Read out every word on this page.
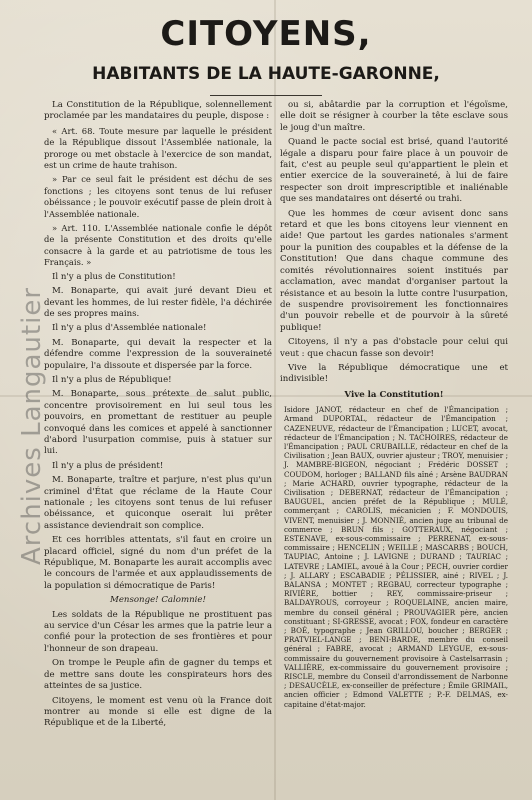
CITOYENS,
HABITANTS DE LA HAUTE-GARONNE,

La Constitution de la République, solennellement proclamée par les mandataires du peuple, dispose :

« Art. 68. Toute mesure par laquelle le président de la République dissout l'Assemblée nationale, la proroge ou met obstacle à l'exercice de son mandat, est un crime de haute trahison.

» Par ce seul fait le président est déchu de ses fonctions ; les citoyens sont tenus de lui refuser obéissance ; le pouvoir exécutif passe de plein droit à l'Assemblée nationale.

» Art. 110. L'Assemblée nationale confie le dépôt de la présente Constitution et des droits qu'elle consacre à la garde et au patriotisme de tous les Français. »

Il n'y a plus de Constitution!

M. Bonaparte, qui avait juré devant Dieu et devant les hommes, de lui rester fidèle, l'a déchirée de ses propres mains.

Il n'y a plus d'Assemblée nationale!

M. Bonaparte, qui devait la respecter et la défendre comme l'expression de la souveraineté populaire, l'a dissoute et dispersée par la force.

Il n'y a plus de République!

M. Bonaparte, sous prétexte de salut public, concentre provisoirement en lui seul tous les pouvoirs, en promettant de restituer au peuple convoqué dans les comices et appelé à sanctionner d'abord l'usurpation commise, puis à statuer sur lui.

Il n'y a plus de président!

M. Bonaparte, traître et parjure, n'est plus qu'un criminel d'État que réclame de la Haute Cour nationale ; les citoyens sont tenus de lui refuser obéissance, et quiconque oserait lui prêter assistance deviendrait son complice.

Et ces horribles attentats, s'il faut en croire un placard officiel, signé du nom d'un préfet de la République, M. Bonaparte les aurait accomplis avec le concours de l'armée et aux applaudissements de la population si démocratique de Paris!

Mensonge! Calomnie!

Les soldats de la République ne prostituent pas au service d'un César les armes que la patrie leur a confié pour la protection de ses frontières et pour l'honneur de son drapeau.

On trompe le Peuple afin de gagner du temps et de mettre sans doute les conspirateurs hors des atteintes de sa justice.

Citoyens, le moment est venu où la France doit montrer au monde si elle est digne de la République et de la Liberté,

ou si, abâtardie par la corruption et l'égoïsme, elle doit se résigner à courber la tête esclave sous le joug d'un maître.

Quand le pacte social est brisé, quand l'autorité légale a disparu pour faire place à un pouvoir de fait, c'est au peuple seul qu'appartient le plein et entier exercice de la souveraineté, à lui de faire respecter son droit imprescriptible et inaliénable que ses mandataires ont déserté ou trahi.

Que les hommes de cœur avisent donc sans retard et que les bons citoyens leur viennent en aide! Que partout les gardes nationales s'arment pour la punition des coupables et la défense de la Constitution! Que dans chaque commune des comités révolutionnaires soient institués par acclamation, avec mandat d'organiser partout la résistance et au besoin la lutte contre l'usurpation, de suspendre provisoirement les fonctionnaires d'un pouvoir rebelle et de pourvoir à la sûreté publique!

Citoyens, il n'y a pas d'obstacle pour celui qui veut : que chacun fasse son devoir!

Vive la République démocratique une et indivisible!

Vive la Constitution!

Isidore JANOT, rédacteur en chef de l'Émancipation ; Armand DUPORTAL, rédacteur de l'Émancipation ; CAZENEUVE, rédacteur de l'Émancipation ; LUCET, avocat, rédacteur de l'Émancipation ; N. TACHOIRES, rédacteur de l'Émancipation ; PAUL CRUBAILLE, rédacteur en chef de la Civilisation ; Jean BAUX, ouvrier ajusteur ; TROY, menuisier ; J. MAMBRE-BIGEON, négociant ; Frédéric DOSSET ; COUDOM, horloger ; BALLAND fils aîné ; Arsène BAUDRAN ; Marie ACHARD, ouvrier typographe, rédacteur de la Civilisation ; DEBERNAT, rédacteur de l'Émancipation ; BAUGUEL, ancien préfet de la République ; MULÉ, commerçant ; CAROLIS, mécanicien ; F. MONDOUIS, VIVENT, menuisier ; J. MONNIÉ, ancien juge au tribunal de commerce ; BRUN fils ; GOTTERAUX, négociant ; ESTENAVE, ex-sous-commissaire ; PERRENAT, ex-sous-commissaire ; HENCELIN ; WEILLE ; MASCARBS ; BOUCH, TAUPIAC, Antoine ; J. LAVIGNE ; DURAND ; TAURIAC ; LATEVRE ; LAMIEL, avoué à la Cour ; PECH, ouvrier cordier ; J. ALLARY ; ESCABADIE ; PÉLISSIER, ainé ; RIVEL ; J. BALANSA ; MONTET ; REGBAU, correcteur typographe ; RIVIÈRE, bottier ; REY, commissaire-priseur ; BALDAYROUS, corroyeur ; ROQUELAINE, ancien maire, membre du conseil général ; PROUVAGIER père, ancien constituant ; SI-GRESSE, avocat ; FOX, fondeur en caractère ; BOÉ, typographe ; Jean GRILLOU, boucher ; BERGER ; PRATVIEL-LANGE ; BENI-BARDE, membre du conseil général ; FABRE, avocat ; ARMAND LEYGUE, ex-sous-commissaire du gouvernement provisoire à Castelsarrasin ; VALLIÈRE, ex-commissaire du gouvernement provisoire ; RISCLE, membre du Conseil d'arrondissement de Narbonne ; DESAUCÈLE, ex-conseiller de préfecture ; Émile GRIMAIL, ancien officier ; Edmond VALETTE ; P.-F. DELMAS, ex-capitaine d'état-major.
Archives Langautier
